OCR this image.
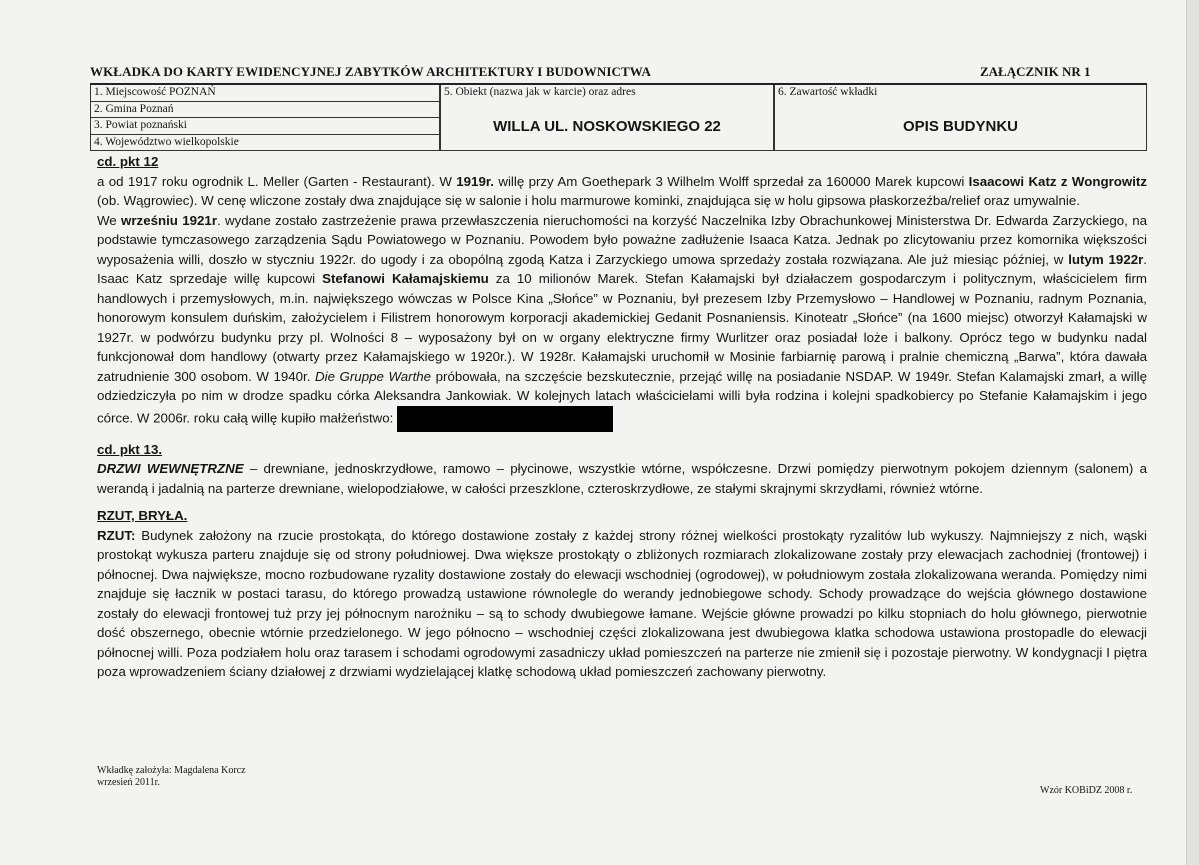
WKŁADKA DO KARTY EWIDENCYJNEJ ZABYTKÓW ARCHITEKTURY I BUDOWNICTWA	ZAŁĄCZNIK NR 1
1. Miejscowość POZNAŃ
2. Gmina Poznań
3. Powiat poznański
4. Województwo wielkopolskie
5. Obiekt (nazwa jak w karcie) oraz adres
WILLA UL. NOSKOWSKIEGO 22
6. Zawartość wkładki
OPIS BUDYNKU
cd. pkt 12

a od 1917 roku ogrodnik L. Meller (Garten - Restaurant). W 1919r. willę przy Am Goethepark 3 Wilhelm Wolff sprzedał za 160000 Marek kupcowi Isaacowi Katz z Wongrowitz (ob. Wągrowiec). W cenę wliczone zostały dwa znajdujące się w salonie i holu marmurowe kominki, znajdująca się w holu gipsowa płaskorzeźba/relief oraz umywalnie.

We wrześniu 1921r. wydane zostało zastrzeżenie prawa przewłaszczenia nieruchomości na korzyść Naczelnika Izby Obrachunkowej Ministerstwa Dr. Edwarda Zarzyckiego, na podstawie tymczasowego zarządzenia Sądu Powiatowego w Poznaniu. Powodem było poważne zadłużenie Isaaca Katza. Jednak po zlicytowaniu przez komornika większości wyposażenia willi, doszło w styczniu 1922r. do ugody i za obopólną zgodą Katza i Zarzyckiego umowa sprzedaży została rozwiązana. Ale już miesiąc później, w lutym 1922r. Isaac Katz sprzedaje willę kupcowi Stefanowi Kałamajskiemu za 10 milionów Marek. Stefan Kałamajski był działaczem gospodarczym i politycznym, właścicielem firm handlowych i przemysłowych, m.in. największego wówczas w Polsce Kina „Słońce” w Poznaniu, był prezesem Izby Przemysłowo – Handlowej w Poznaniu, radnym Poznania, honorowym konsulem duńskim, założycielem i Filistrem honorowym korporacji akademickiej Gedanit Posnaniensis. Kinoteatr „Słońce” (na 1600 miejsc) otworzył Kałamajski w 1927r. w podwórzu budynku przy pl. Wolności 8 – wyposażony był on w organy elektryczne firmy Wurlitzer oraz posiadał loże i balkony. Oprócz tego w budynku nadal funkcjonował dom handlowy (otwarty przez Kałamajskiego w 1920r.). W 1928r. Kałamajski uruchomił w Mosinie farbiarnię parową i pralnie chemiczną „Barwa”, która dawała zatrudnienie 300 osobom. W 1940r. Die Gruppe Warthe próbowała, na szczęście bezskutecznie, przejąć willę na posiadanie NSDAP. W 1949r. Stefan Kalamajski zmarł, a willę odziedziczyła po nim w drodze spadku córka Aleksandra Jankowiak. W kolejnych latach właścicielami willi była rodzina i kolejni spadkobiercy po Stefanie Kałamajskim i jego córce. W 2006r. roku całą willę kupiło małżeństwo:

cd. pkt 13.

DRZWI WEWNĘTRZNE – drewniane, jednoskrzydłowe, ramowo – płycinowe, wszystkie wtórne, współczesne. Drzwi pomiędzy pierwotnym pokojem dziennym (salonem) a werandą i jadalnią na parterze drewniane, wielopodziałowe, w całości przeszklone, czteroskrzydłowe, ze stałymi skrajnymi skrzydłami, również wtórne.

RZUT, BRYŁA.

RZUT: Budynek założony na rzucie prostokąta, do którego dostawione zostały z każdej strony różnej wielkości prostokąty ryzalitów lub wykuszy. Najmniejszy z nich, wąski prostokąt wykusza parteru znajduje się od strony południowej. Dwa większe prostokąty o zbliżonych rozmiarach zlokalizowane zostały przy elewacjach zachodniej (frontowej) i północnej. Dwa największe, mocno rozbudowane ryzality dostawione zostały do elewacji wschodniej (ogrodowej), w południowym została zlokalizowana weranda. Pomiędzy nimi znajduje się łacznik w postaci tarasu, do którego prowadzą ustawione równolegle do werandy jednobiegowe schody. Schody prowadzące do wejścia głównego dostawione zostały do elewacji frontowej tuż przy jej północnym narożniku – są to schody dwubiegowe łamane. Wejście główne prowadzi po kilku stopniach do holu głównego, pierwotnie dość obszernego, obecnie wtórnie przedzielonego. W jego północno – wschodniej części zlokalizowana jest dwubiegowa klatka schodowa ustawiona prostopadle do elewacji północnej willi. Poza podziałem holu oraz tarasem i schodami ogrodowymi zasadniczy układ pomieszczeń na parterze nie zmienił się i pozostaje pierwotny. W kondygnacji I piętra poza wprowadzeniem ściany działowej z drzwiami wydzielającej klatkę schodową układ pomieszczeń zachowany pierwotny.

Wkładkę założyła: Magdalena Korcz
wrzesień 2011r.
Wzór KOBiDZ 2008 r.
